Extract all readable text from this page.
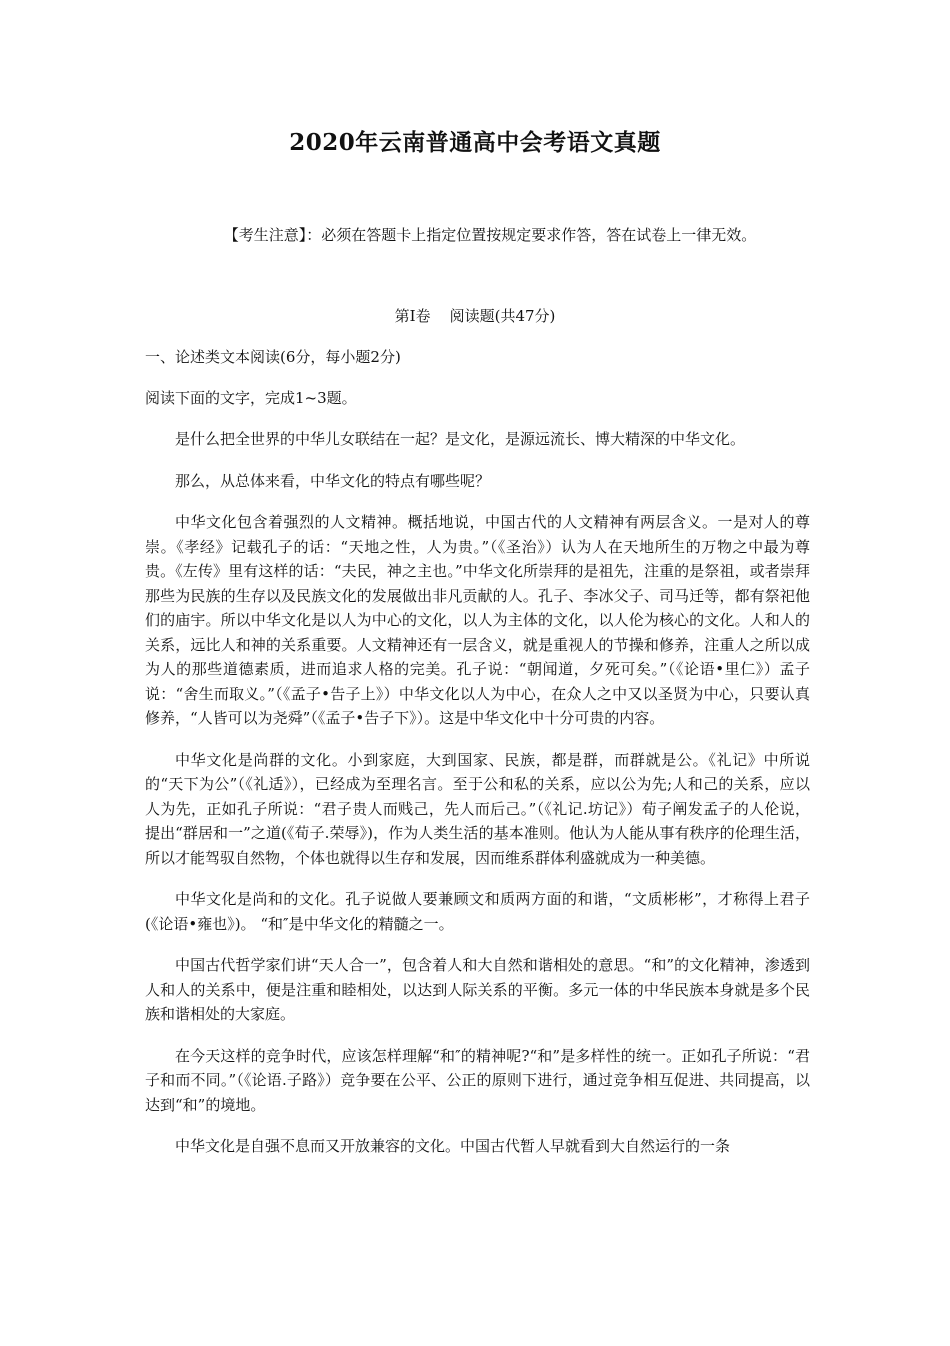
2020年云南普通高中会考语文真题

【考生注意】：必须在答题卡上指定位置按规定要求作答，答在试卷上一律无效。

第Ⅰ卷    阅读题(共47分)

一、论述类文本阅读(6分，每小题2分)

阅读下面的文字，完成1~3题。

是什么把全世界的中华儿女联结在一起？是文化，是源远流长、博大精深的中华文化。

那么，从总体来看，中华文化的特点有哪些呢？

中华文化包含着强烈的人文精神。概括地说，中国古代的人文精神有两层含义。一是对人的尊崇。《孝经》记载孔子的话：“天地之性，人为贵。”（《圣治》）认为人在天地所生的万物之中最为尊贵。《左传》里有这样的话：“夫民，神之主也。”中华文化所崇拜的是祖先，注重的是祭祖，或者崇拜那些为民族的生存以及民族文化的发展做出非凡贡献的人。孔子、李冰父子、司马迁等，都有祭祀他们的庙宇。所以中华文化是以人为中心的文化，以人为主体的文化，以人伦为核心的文化。人和人的关系，远比人和神的关系重要。人文精神还有一层含义，就是重视人的节操和修养，注重人之所以成为人的那些道德素质，进而追求人格的完美。孔子说：“朝闻道，夕死可矣。”（《论语•里仁》）孟子说：“舍生而取义。”（《孟子•告子上》）中华文化以人为中心，在众人之中又以圣贤为中心，只要认真修养，“人皆可以为尧舜”（《孟子•告子下》）。这是中华文化中十分可贵的内容。

中华文化是尚群的文化。小到家庭，大到国家、民族，都是群，而群就是公。《礼记》中所说的“天下为公”（《礼适》），已经成为至理名言。至于公和私的关系，应以公为先;人和己的关系，应以人为先，正如孔子所说：“君子贵人而贱己，先人而后己。”（《礼记.坊记》）荀子阐发孟子的人伦说，提出“群居和一”之道(《荀子.荣辱》)，作为人类生活的基本准则。他认为人能从事有秩序的伦理生活，所以才能驾驭自然物，个体也就得以生存和发展，因而维系群体利盛就成为一种美德。

中华文化是尚和的文化。孔子说做人要兼顾文和质两方面的和谐，“文质彬彬”，才称得上君子(《论语•雍也》)。 “和″是中华文化的精髓之一。

中国古代哲学家们讲“天人合一”，包含着人和大自然和谐相处的意思。“和”的文化精神，渗透到人和人的关系中，便是注重和睦相处，以达到人际关系的平衡。多元一体的中华民族本身就是多个民族和谐相处的大家庭。

在今天这样的竞争时代，应该怎样理解“和″的精神呢?“和”是多样性的统一。正如孔子所说：“君子和而不同。”（《论语.子路》）竞争要在公平、公正的原则下进行，通过竞争相互促进、共同提高，以达到“和”的境地。

中华文化是自强不息而又开放兼容的文化。中国古代暂人早就看到大自然运行的一条
